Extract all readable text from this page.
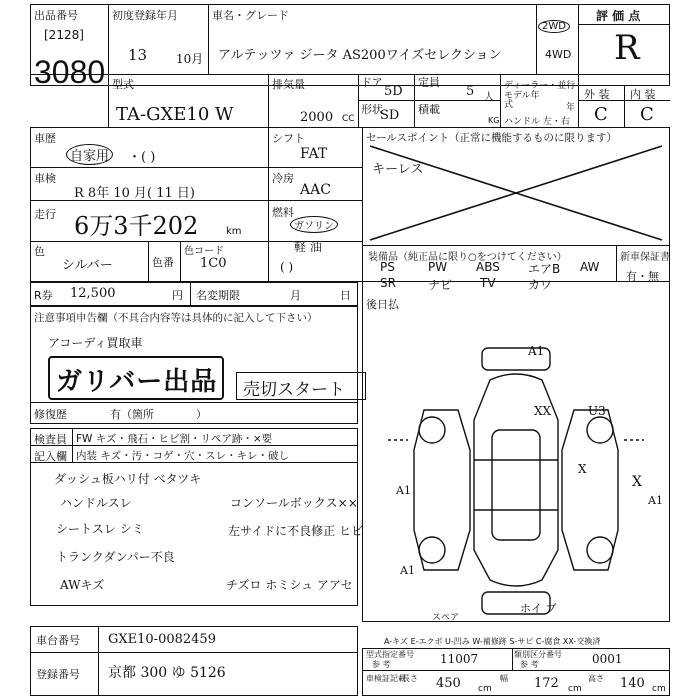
出品番号
[2128]
3080
初度登録年月
13 10月
車名・グレード
アルテッツァ ジータ AS200ワイズセレクション
2WD
4WD
評 価 点
R
型式
TA-GXE10 W
排気量
2000 CC
ドア
5D
定員
5 人
形状
SD 積載
KG
ディーラー・並行
モデル年式	年
ハンドル 左・右
外 装 内 装
C C
車歴
自家用	・( )
シフト
FAT
車検
R 8年 10 月( 11 日)
冷房
AAC
走行 6万3千202	km
燃料
ガソリン
軽 油
( )
色
シルバー	色番
色コード
1C0
セールスポイント（正常に機能するものに限ります）
キーレス
装備品（純正品に限り○をつけてください）	新車保証書
有・無
PS	PW ABS エアB AW
SR	ナビ TV	カワ
R券 12,500	円 名変期限	月	日
後日払
注意事項申告欄（不具合内容等は具体的に記入して下さい）
アコーディ買取車
ガリバー出品 売切スタート
修復歴	有（箇所	）
検査員 FW キズ・飛石・ヒビ割・リペア跡・×要
記入欄 内装 キズ・汚・コゲ・穴・スレ・キレ・破し
ダッシュ板ハリ付 ベタツキ
ハンドルスレ	コンソールボックス××
シートスレ シミ	左サイドに不良修正 ヒビ
トランクダンパー不良
AWキズ	チズロ ホミシュ アアセ
A1
XX	U3
X
X
A1
A1
A1
スペア
ホイ ブ
A-キズ E-エクボ U-凹み W-補修跡 S-サビ C-腐食 XX-交換済
車台番号 GXE10-0082459
登録番号 京都 300 ゆ 5126
型式指定番号
参 考	11007	類別区分番号
参 考	0001
車検証記載
長さ 450 cm
幅 172 cm
高さ 140 cm
